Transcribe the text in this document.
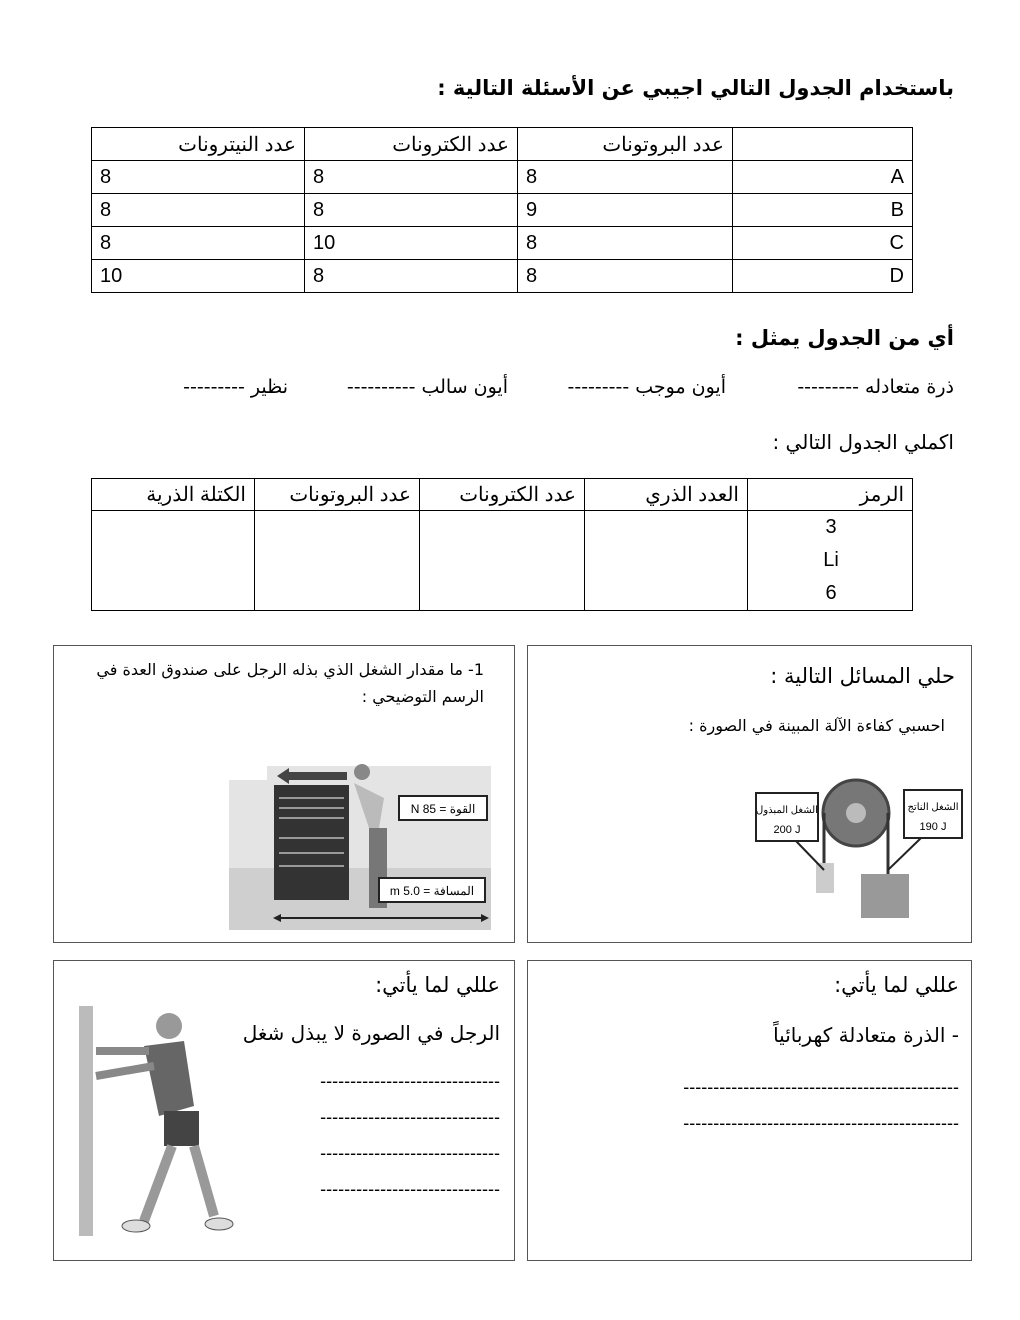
باستخدام الجدول التالي اجيبي عن الأسئلة التالية :
	عدد البروتونات	عدد الكترونات	عدد النيترونات
A	8	8	8
B	9	8	8
C	8	10	8
D	8	8	10
أي من الجدول يمثل :
ذرة متعادله ---------
أيون موجب ---------
أيون سالب ----------
نظير ---------
اكملي الجدول التالي :
الرمز	العدد الذري	عدد الكترونات	عدد البروتونات	الكتلة الذرية

3
Li
6				

1- ما مقدار الشغل الذي بذله الرجل على صندوق العدة في الرسم التوضيحي :
القوة = 85 N
المسافة = 5.0 m
حلي المسائل التالية :
احسبي كفاءة الآلة المبينة في الصورة :
الشغل المبذول
200 J
الشغل الناتج
190 J
عللي لما يأتي:
الرجل في الصورة لا يبذل شغل
------------------------------
------------------------------
------------------------------
------------------------------
عللي لما يأتي:
- الذرة متعادلة كهربائياً
----------------------------------------------
----------------------------------------------
